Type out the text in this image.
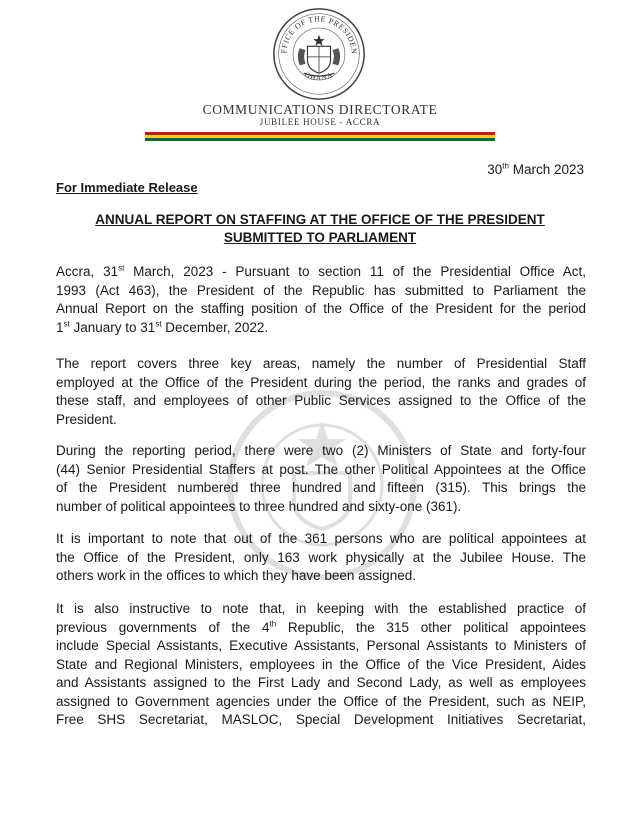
FFICE OF THE PRESIDEN
GHANA
COMMUNICATIONS DIRECTORATE
JUBILEE HOUSE - ACCRA
30th March 2023
For Immediate Release
ANNUAL REPORT ON STAFFING AT THE OFFICE OF THE PRESIDENT
SUBMITTED TO PARLIAMENT

Accra, 31st March, 2023 - Pursuant to section 11 of the Presidential Office Act,
1993 (Act 463), the President of the Republic has submitted to Parliament the
Annual Report on the staffing position of the Office of the President for the period
1st January to 31st December, 2022.

The report covers three key areas, namely the number of Presidential Staff
employed at the Office of the President during the period, the ranks and grades of
these staff, and employees of other Public Services assigned to the Office of the
President.

During the reporting period, there were two (2) Ministers of State and forty-four
(44) Senior Presidential Staffers at post. The other Political Appointees at the Office
of the President numbered three hundred and fifteen (315). This brings the
number of political appointees to three hundred and sixty-one (361).

It is important to note that out of the 361 persons who are political appointees at
the Office of the President, only 163 work physically at the Jubilee House. The
others work in the offices to which they have been assigned.

It is also instructive to note that, in keeping with the established practice of
previous governments of the 4th Republic, the 315 other political appointees
include Special Assistants, Executive Assistants, Personal Assistants to Ministers of
State and Regional Ministers, employees in the Office of the Vice President, Aides
and Assistants assigned to the First Lady and Second Lady, as well as employees
assigned to Government agencies under the Office of the President, such as NEIP,
Free SHS Secretariat, MASLOC, Special Development Initiatives Secretariat,
